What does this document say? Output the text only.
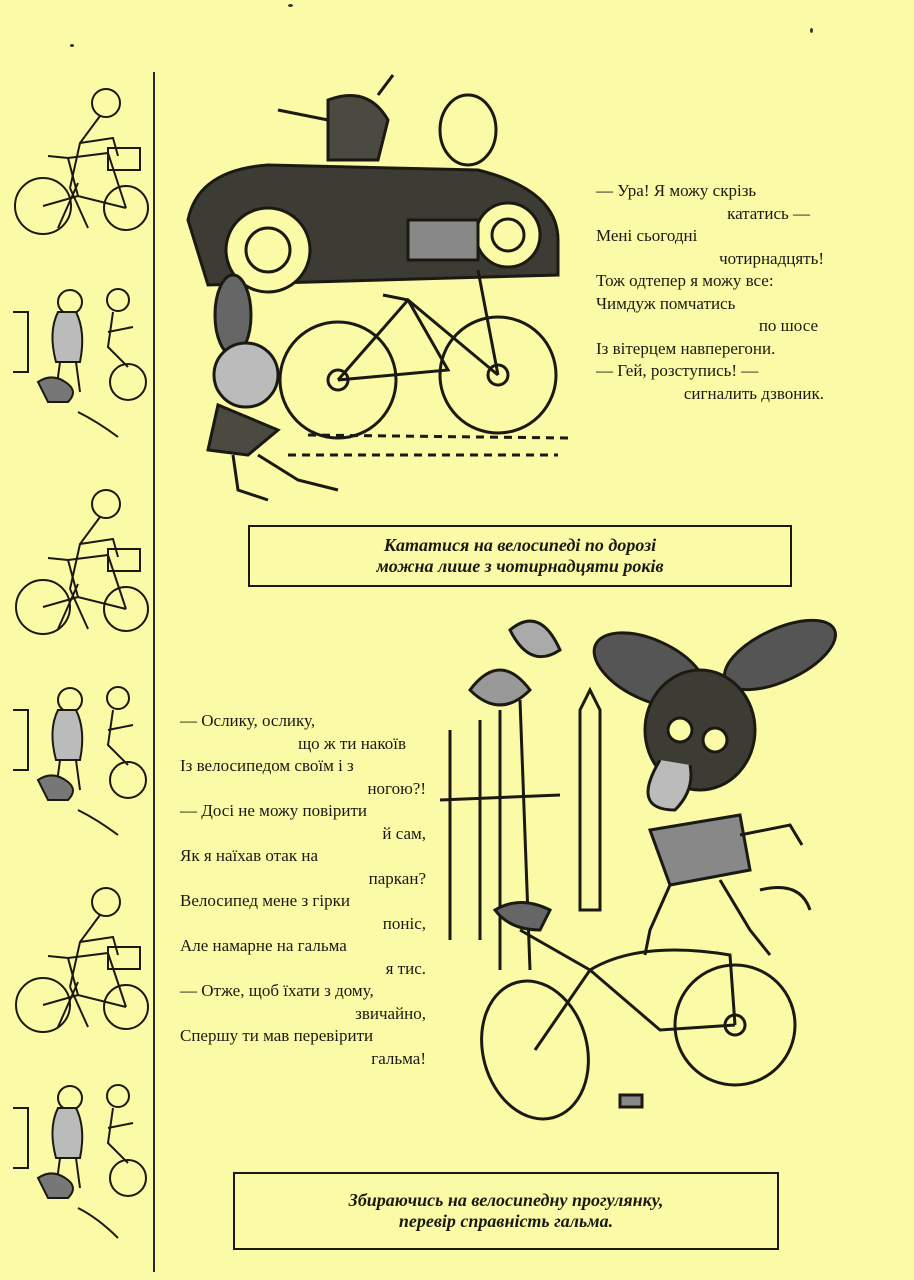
— Ура! Я можу скрізь
кататись —
Мені сьогодні
чотирнадцять!
Тож одтепер я можу все:
Чимдуж помчатись
по шосе
Із вітерцем навперегони.
— Гей, розступись! —
сигналить дзвоник.
Кататися на велосипеді по дорозі
можна лише з чотирнадцяти років
— Ослику, ослику,
що ж ти накоїв
Із велосипедом своїм і з
ногою?!
— Досі не можу повірити
й сам,
Як я наїхав отак на
паркан?
Велосипед мене з гірки
поніс,
Але намарне на гальма
я тис.
— Отже, щоб їхати з дому,
звичайно,
Спершу ти мав перевірити
гальма!
Збираючись на велосипедну прогулянку,
перевір справність гальма.
